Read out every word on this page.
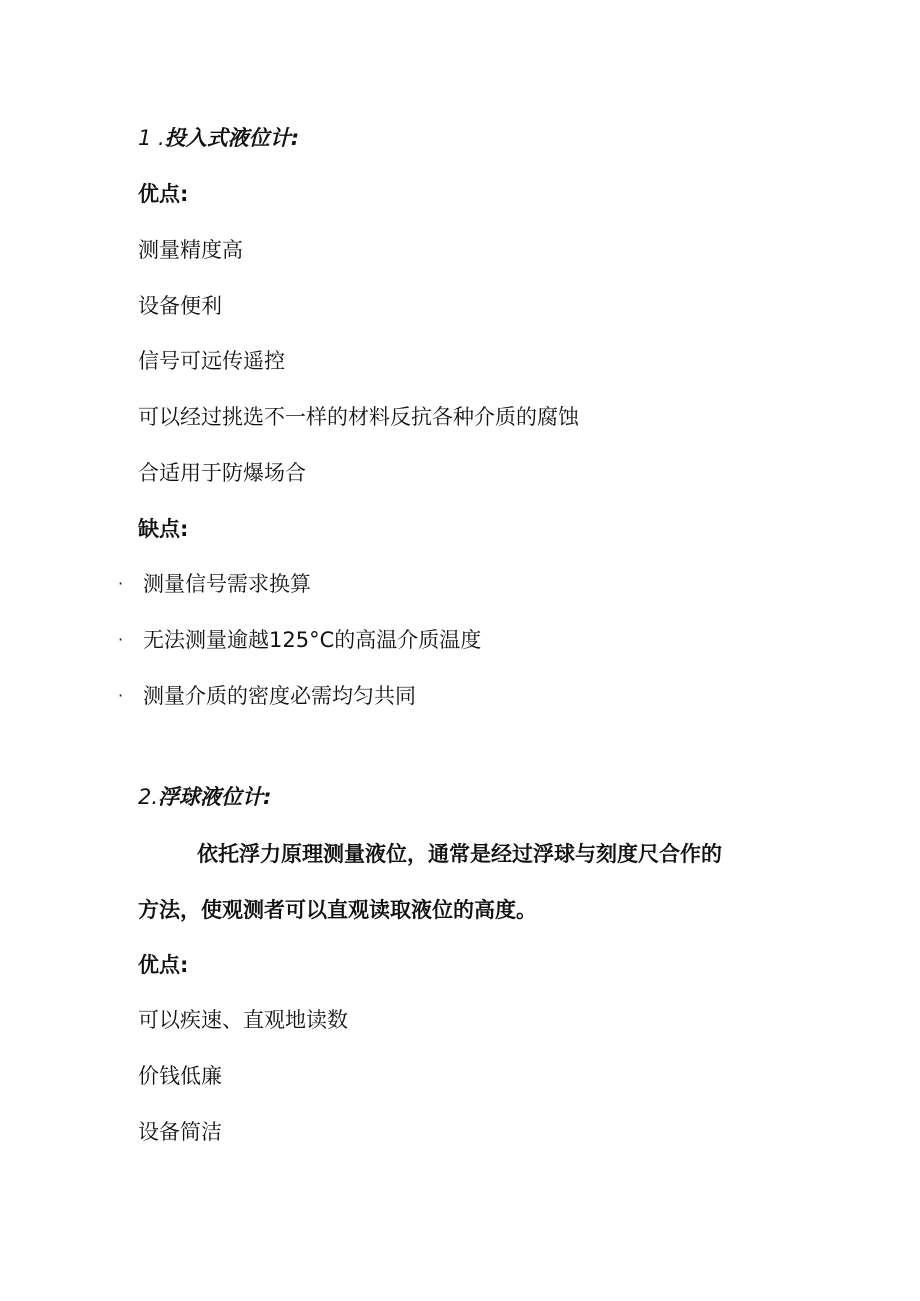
1 .投入式液位计:
优点:
测量精度高
设备便利
信号可远传遥控
可以经过挑选不一样的材料反抗各种介质的腐蚀
合适用于防爆场合
缺点:
· 测量信号需求换算
· 无法测量逾越125°C的高温介质温度
· 测量介质的密度必需均匀共同
2.浮球液位计:
依托浮力原理测量液位，通常是经过浮球与刻度尺合作的
方法，使观测者可以直观读取液位的高度。
优点:
可以疾速、直观地读数
价钱低廉
设备简洁
